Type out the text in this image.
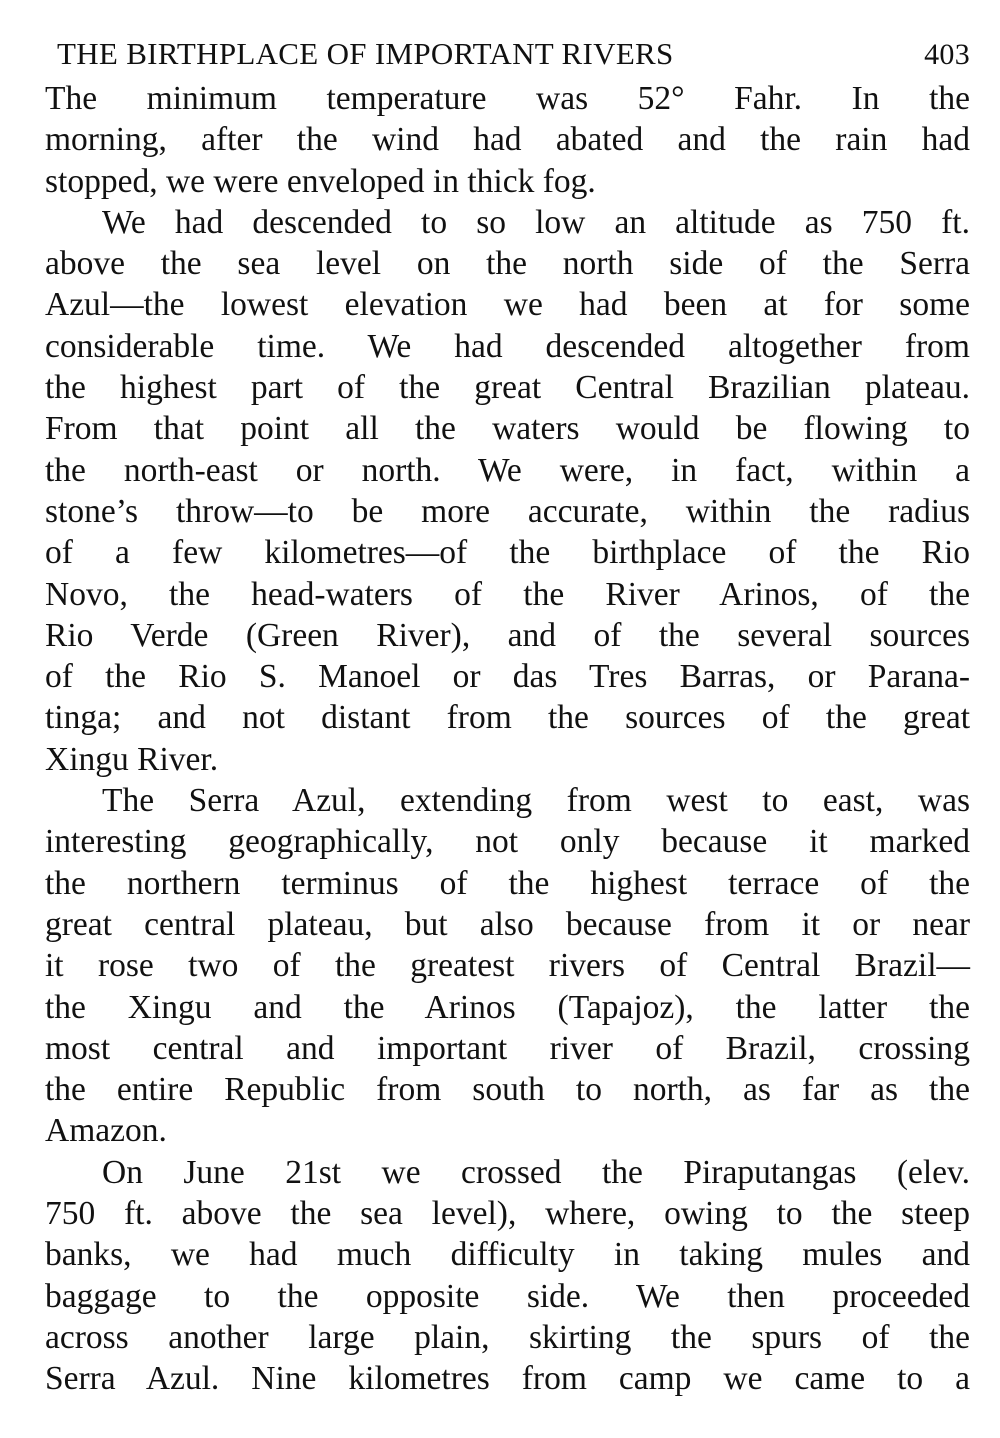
THE BIRTHPLACE OF IMPORTANT RIVERS	403
The minimum temperature was 52° Fahr. In the
morning, after the wind had abated and the rain had
stopped, we were enveloped in thick fog.
We had descended to so low an altitude as 750 ft.
above the sea level on the north side of the Serra
Azul—the lowest elevation we had been at for some
considerable time. We had descended altogether from
the highest part of the great Central Brazilian plateau.
From that point all the waters would be flowing to
the north-east or north. We were, in fact, within a
stone’s throw—to be more accurate, within the radius
of a few kilometres—of the birthplace of the Rio
Novo, the head-waters of the River Arinos, of the
Rio Verde (Green River), and of the several sources
of the Rio S. Manoel or das Tres Barras, or Parana-
tinga; and not distant from the sources of the great
Xingu River.
The Serra Azul, extending from west to east, was
interesting geographically, not only because it marked
the northern terminus of the highest terrace of the
great central plateau, but also because from it or near
it rose two of the greatest rivers of Central Brazil—
the Xingu and the Arinos (Tapajoz), the latter the
most central and important river of Brazil, crossing
the entire Republic from south to north, as far as the
Amazon.
On June 21st we crossed the Piraputangas (elev.
750 ft. above the sea level), where, owing to the steep
banks, we had much difficulty in taking mules and
baggage to the opposite side. We then proceeded
across another large plain, skirting the spurs of the
Serra Azul. Nine kilometres from camp we came to a
